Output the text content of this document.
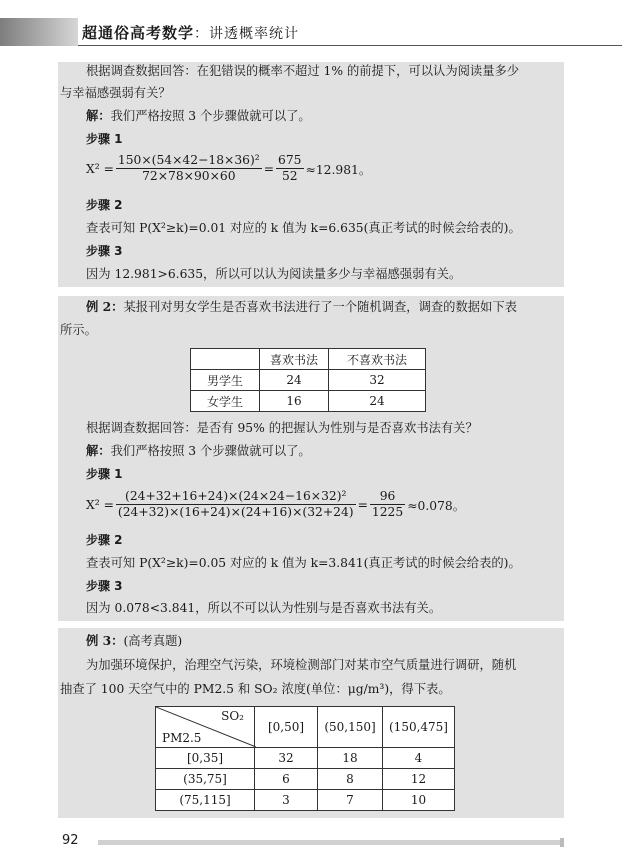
超通俗高考数学：讲透概率统计
根据调查数据回答：在犯错误的概率不超过 1% 的前提下，可以认为阅读量多少
与幸福感强弱有关？
解：我们严格按照 3 个步骤做就可以了。
步骤 1
$X^2 = \frac{\text{150×(54×42−18×36)²}}{72\times 78\times 90\times 60} = \frac{675}{52} \approx 12.981$。
步骤 2
查表可知 P(Χ²≥k)=0.01 对应的 k 值为 k=6.635(真正考试的时候会给表的)。
步骤 3
因为 12.981>6.635，所以可以认为阅读量多少与幸福感强弱有关。
例 2：某报刊对男女学生是否喜欢书法进行了一个随机调查，调查的数据如下表
所示。
	喜欢书法	不喜欢书法
男学生	24	32
女学生	16	24
根据调查数据回答：是否有 95% 的把握认为性别与是否喜欢书法有关？
解：我们严格按照 3 个步骤做就可以了。
步骤 1
$X^2 = \frac{\text{(24+32+16+24)×(24×24−16×32)²}}{(24+32)\times(16+24)\times(24+16)\times(32+24)} = \frac{96}{1225} \approx 0.078$。
步骤 2
查表可知 P(Χ²≥k)=0.05 对应的 k 值为 k=3.841(真正考试的时候会给表的)。
步骤 3
因为 0.078<3.841，所以不可以认为性别与是否喜欢书法有关。
例 3：(高考真题)
为加强环境保护，治理空气污染，环境检测部门对某市空气质量进行调研，随机
抽查了 100 天空气中的 PM2.5 和 SO₂ 浓度(单位：μg/m³)，得下表。
SO₂
PM2.5	[0,50]	(50,150]	(150,475]
[0,35]	32	18	4
(35,75]	6	8	12
(75,115]	3	7	10
92
